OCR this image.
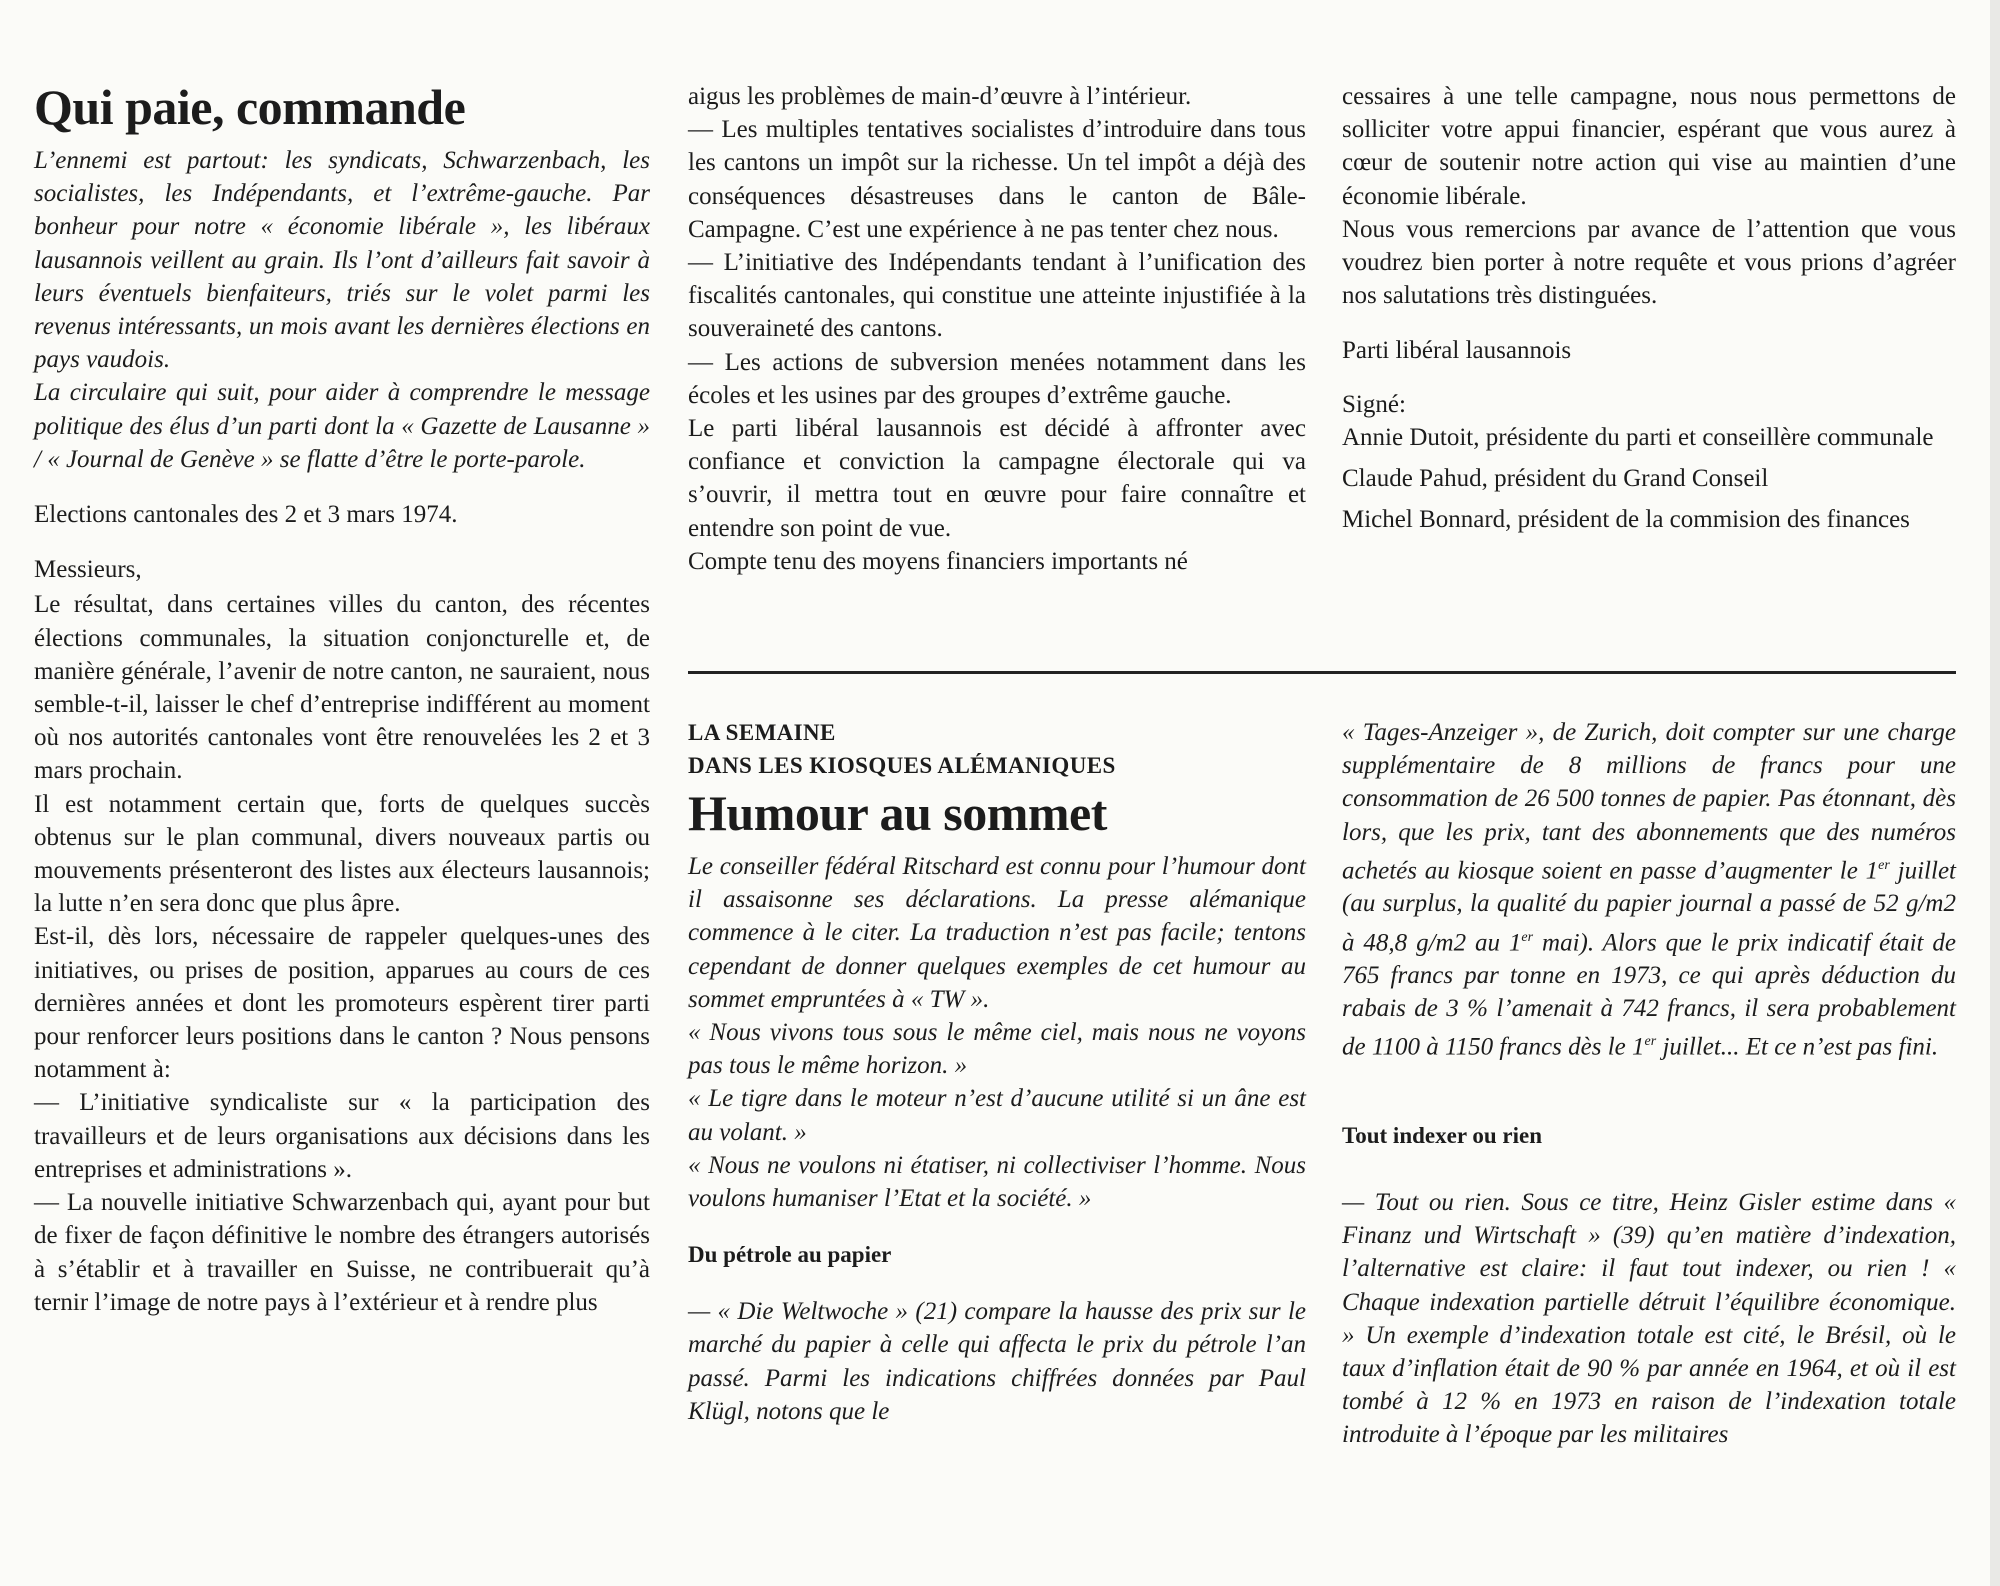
Qui paie, commande

L’ennemi est partout: les syndicats, Schwarzenbach, les socialistes, les Indépendants, et l’extrême-gauche. Par bonheur pour notre « économie libérale », les libéraux lausannois veillent au grain. Ils l’ont d’ailleurs fait savoir à leurs éventuels bienfaiteurs, triés sur le volet parmi les revenus intéressants, un mois avant les dernières élections en pays vaudois.

La circulaire qui suit, pour aider à comprendre le message politique des élus d’un parti dont la « Gazette de Lausanne » / « Journal de Genève » se flatte d’être le porte-parole.

Elections cantonales des 2 et 3 mars 1974.

Messieurs,

Le résultat, dans certaines villes du canton, des récentes élections communales, la situation conjoncturelle et, de manière générale, l’avenir de notre canton, ne sauraient, nous semble-t-il, laisser le chef d’entreprise indifférent au moment où nos autorités cantonales vont être renouvelées les 2 et 3 mars prochain.

Il est notamment certain que, forts de quelques succès obtenus sur le plan communal, divers nouveaux partis ou mouvements présenteront des listes aux électeurs lausannois; la lutte n’en sera donc que plus âpre.

Est-il, dès lors, nécessaire de rappeler quelques-unes des initiatives, ou prises de position, apparues au cours de ces dernières années et dont les promoteurs espèrent tirer parti pour renforcer leurs positions dans le canton ? Nous pensons notamment à:

— L’initiative syndicaliste sur « la participation des travailleurs et de leurs organisations aux décisions dans les entreprises et administrations ».

— La nouvelle initiative Schwarzenbach qui, ayant pour but de fixer de façon définitive le nombre des étrangers autorisés à s’établir et à travailler en Suisse, ne contribuerait qu’à ternir l’image de notre pays à l’extérieur et à rendre plus

aigus les problèmes de main-d’œuvre à l’intérieur.

— Les multiples tentatives socialistes d’introduire dans tous les cantons un impôt sur la richesse. Un tel impôt a déjà des conséquences désastreuses dans le canton de Bâle-Campagne. C’est une expérience à ne pas tenter chez nous.

— L’initiative des Indépendants tendant à l’unification des fiscalités cantonales, qui constitue une atteinte injustifiée à la souveraineté des cantons.

— Les actions de subversion menées notamment dans les écoles et les usines par des groupes d’extrême gauche.

Le parti libéral lausannois est décidé à affronter avec confiance et conviction la campagne électorale qui va s’ouvrir, il mettra tout en œuvre pour faire connaître et entendre son point de vue.

Compte tenu des moyens financiers importants né

cessaires à une telle campagne, nous nous permettons de solliciter votre appui financier, espérant que vous aurez à cœur de soutenir notre action qui vise au maintien d’une économie libérale.

Nous vous remercions par avance de l’attention que vous voudrez bien porter à notre requête et vous prions d’agréer nos salutations très distinguées.

Parti libéral lausannois

Signé:

Annie Dutoit, présidente du parti et conseillère communale

Claude Pahud, président du Grand Conseil

Michel Bonnard, président de la commision des finances

LA SEMAINE

DANS LES KIOSQUES ALÉMANIQUES

Humour au sommet

Le conseiller fédéral Ritschard est connu pour l’humour dont il assaisonne ses déclarations. La presse alémanique commence à le citer. La traduction n’est pas facile; tentons cependant de donner quelques exemples de cet humour au sommet empruntées à « TW ».

« Nous vivons tous sous le même ciel, mais nous ne voyons pas tous le même horizon. »

« Le tigre dans le moteur n’est d’aucune utilité si un âne est au volant. »

« Nous ne voulons ni étatiser, ni collectiviser l’homme. Nous voulons humaniser l’Etat et la société. »

Du pétrole au papier

— « Die Weltwoche » (21) compare la hausse des prix sur le marché du papier à celle qui affecta le prix du pétrole l’an passé. Parmi les indications chiffrées données par Paul Klügl, notons que le

« Tages-Anzeiger », de Zurich, doit compter sur une charge supplémentaire de 8 millions de francs pour une consommation de 26 500 tonnes de papier. Pas étonnant, dès lors, que les prix, tant des abonnements que des numéros achetés au kiosque soient en passe d’augmenter le 1er juillet (au surplus, la qualité du papier journal a passé de 52 g/m2 à 48,8 g/m2 au 1er mai). Alors que le prix indicatif était de 765 francs par tonne en 1973, ce qui après déduction du rabais de 3 % l’amenait à 742 francs, il sera probablement de 1100 à 1150 francs dès le 1er juillet... Et ce n’est pas fini.

Tout indexer ou rien

— Tout ou rien. Sous ce titre, Heinz Gisler estime dans « Finanz und Wirtschaft » (39) qu’en matière d’indexation, l’alternative est claire: il faut tout indexer, ou rien ! « Chaque indexation partielle détruit l’équilibre économique. » Un exemple d’indexation totale est cité, le Brésil, où le taux d’inflation était de 90 % par année en 1964, et où il est tombé à 12 % en 1973 en raison de l’indexation totale introduite à l’époque par les militaires
